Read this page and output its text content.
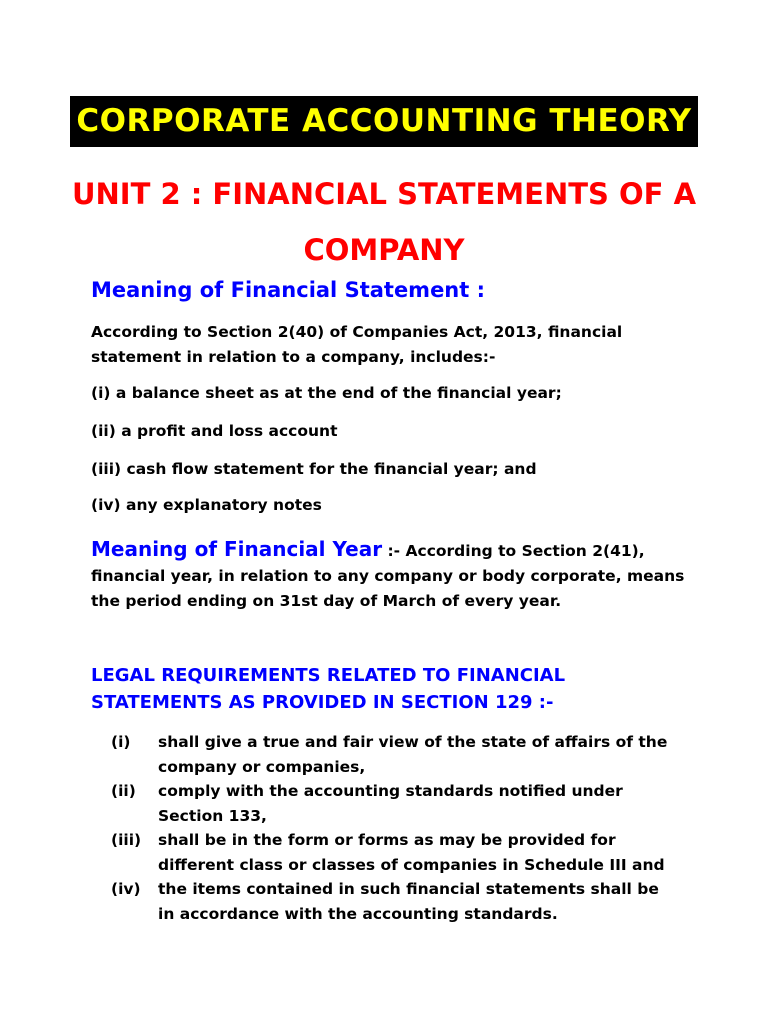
CORPORATE ACCOUNTING THEORY
UNIT 2 : FINANCIAL STATEMENTS OF A COMPANY
Meaning of Financial Statement :
According to Section 2(40) of Companies Act, 2013, financial statement in relation to a company, includes:-
(i) a balance sheet as at the end of the financial year;
(ii) a profit and loss account
(iii) cash flow statement for the financial year; and
(iv) any explanatory notes
Meaning of Financial Year :- According to Section 2(41), financial year, in relation to any company or body corporate, means the period ending on 31st day of March of every year.
LEGAL REQUIREMENTS RELATED TO FINANCIAL STATEMENTS AS PROVIDED IN SECTION 129 :-
(i)	shall give a true and fair view of the state of affairs of the company or companies,
(ii)	comply with the accounting standards notified under Section 133,
(iii)	shall be in the form or forms as may be provided for different class or classes of companies in Schedule III and
(iv)	the items contained in such financial statements shall be in accordance with the accounting standards.
